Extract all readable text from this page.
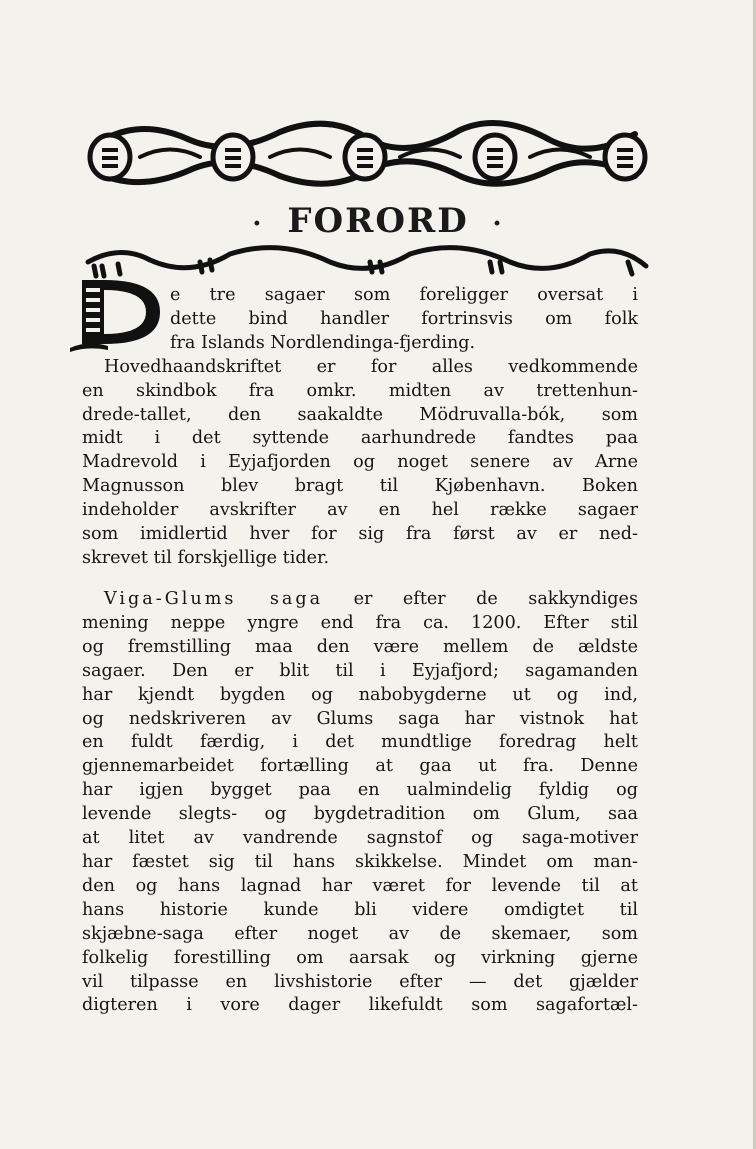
· FORORD ·
e tre sagaer som foreligger oversat i
dette bind handler fortrinsvis om folk
fra Islands Nordlendinga-fjerding.
Hovedhaandskriftet er for alles vedkommende
en skindbok fra omkr. midten av trettenhun-
drede-tallet, den saakaldte Mödruvalla-bók, som
midt i det syttende aarhundrede fandtes paa
Madrevold i Eyjafjorden og noget senere av Arne
Magnusson blev bragt til Kjøbenhavn. Boken
indeholder avskrifter av en hel række sagaer
som imidlertid hver for sig fra først av er ned-
skrevet til forskjellige tider.
Viga-Glums saga er efter de sakkyndiges
mening neppe yngre end fra ca. 1200. Efter stil
og fremstilling maa den være mellem de ældste
sagaer. Den er blit til i Eyjafjord; sagamanden
har kjendt bygden og nabobygderne ut og ind,
og nedskriveren av Glums saga har vistnok hat
en fuldt færdig, i det mundtlige foredrag helt
gjennemarbeidet fortælling at gaa ut fra. Denne
har igjen bygget paa en ualmindelig fyldig og
levende slegts- og bygdetradition om Glum, saa
at litet av vandrende sagnstof og saga-motiver
har fæstet sig til hans skikkelse. Mindet om man-
den og hans lagnad har været for levende til at
hans historie kunde bli videre omdigtet til
skjæbne-saga efter noget av de skemaer, som
folkelig forestilling om aarsak og virkning gjerne
vil tilpasse en livshistorie efter — det gjælder
digteren i vore dager likefuldt som sagafortæl-
